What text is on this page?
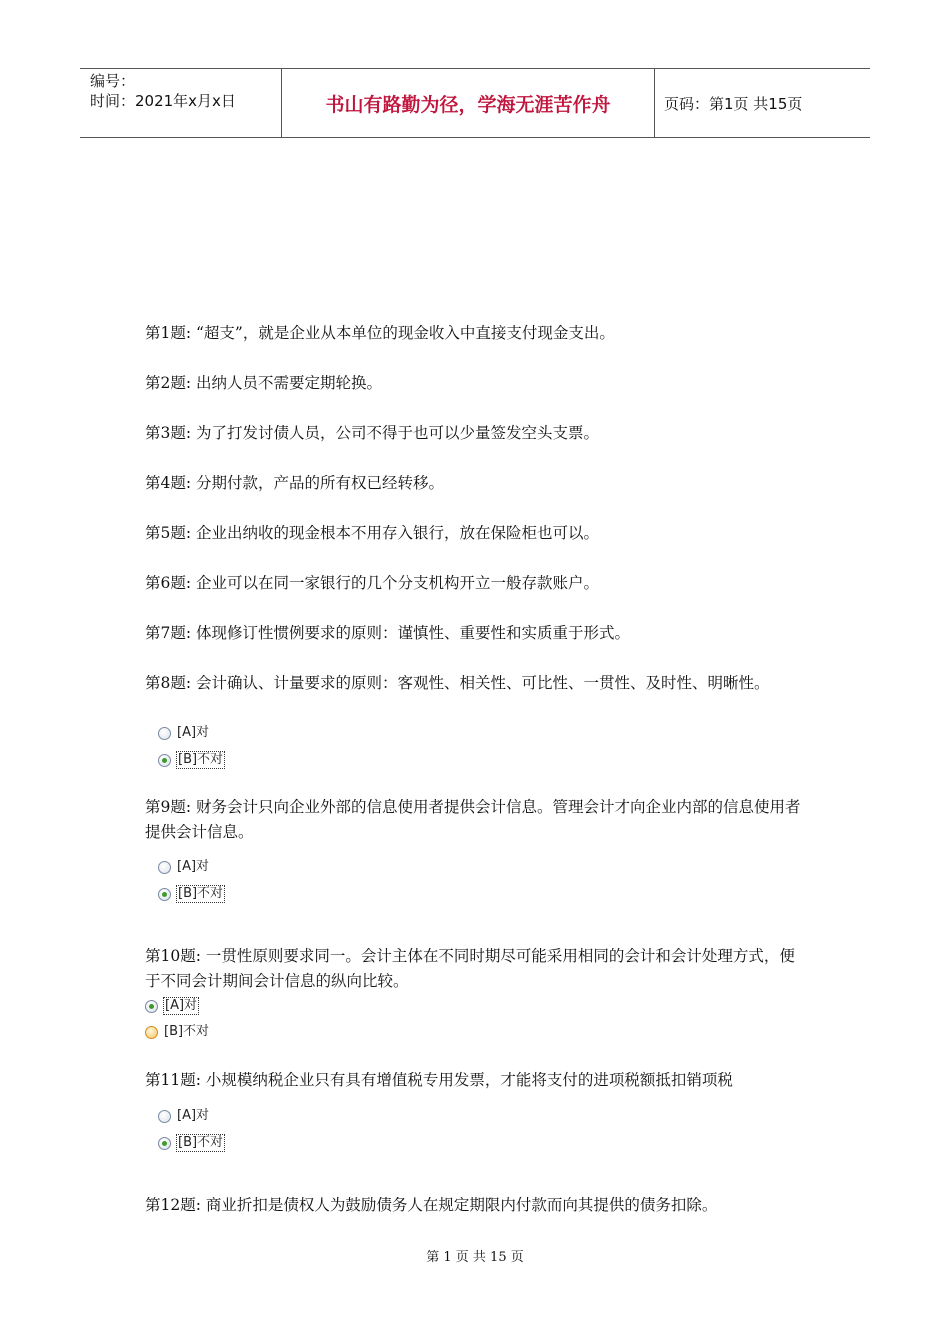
编号：
时间：2021年x月x日	书山有路勤为径，学海无涯苦作舟	页码：第1页 共15页
第1题: “超支”，就是企业从本单位的现金收入中直接支付现金支出。
第2题: 出纳人员不需要定期轮换。
第3题: 为了打发讨债人员，公司不得于也可以少量签发空头支票。
第4题: 分期付款，产品的所有权已经转移。
第5题: 企业出纳收的现金根本不用存入银行，放在保险柜也可以。
第6题: 企业可以在同一家银行的几个分支机构开立一般存款账户。
第7题: 体现修订性惯例要求的原则：谨慎性、重要性和实质重于形式。
第8题: 会计确认、计量要求的原则：客观性、相关性、可比性、一贯性、及时性、明晰性。
[A]对
[B]不对
第9题: 财务会计只向企业外部的信息使用者提供会计信息。管理会计才向企业内部的信息使用者提供会计信息。
[A]对
[B]不对
第10题: 一贯性原则要求同一。会计主体在不同时期尽可能采用相同的会计和会计处理方式，便于不同会计期间会计信息的纵向比较。
[A]对
[B]不对
第11题: 小规模纳税企业只有具有增值税专用发票，才能将支付的进项税额抵扣销项税
[A]对
[B]不对
第12题: 商业折扣是债权人为鼓励债务人在规定期限内付款而向其提供的债务扣除。
第 1 页 共 15 页
